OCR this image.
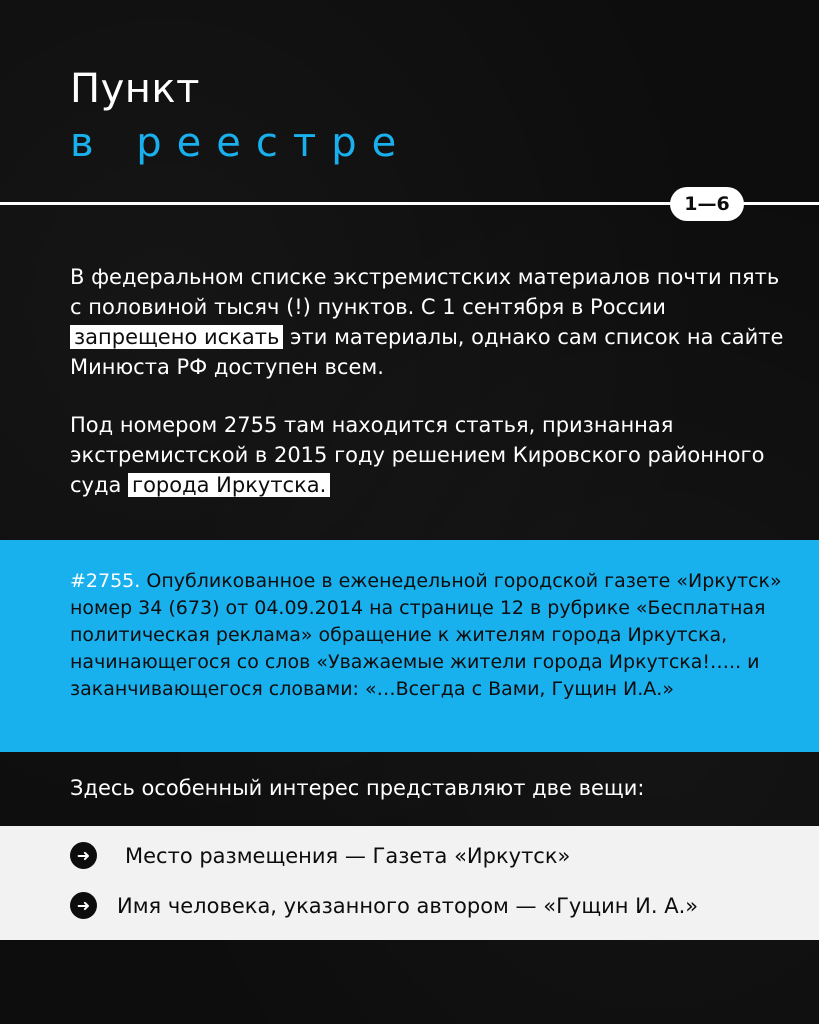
Пункт
в реестре
1—6

В федеральном списке экстремистских материалов почти пять с половиной тысяч (!) пунктов. С 1 сентября в России запрещено искать эти материалы, однако сам список на сайте Минюста РФ доступен всем.

Под номером 2755 там находится статья, признанная экстремистской в 2015 году решением Кировского районного суда города Иркутска.

#2755. Опубликованное в еженедельной городской газете «Иркутск» номер 34 (673) от 04.09.2014 на странице 12 в рубрике «Бесплатная политическая реклама» обращение к жителям города Иркутска, начинающегося со слов «Уважаемые жители города Иркутска!….. и заканчивающегося словами: «…Всегда с Вами, Гущин И.А.»

Здесь особенный интерес представляют две вещи:

➜	Место размещения — Газета «Иркутск»
➜	Имя человека, указанного автором — «Гущин И. А.»
